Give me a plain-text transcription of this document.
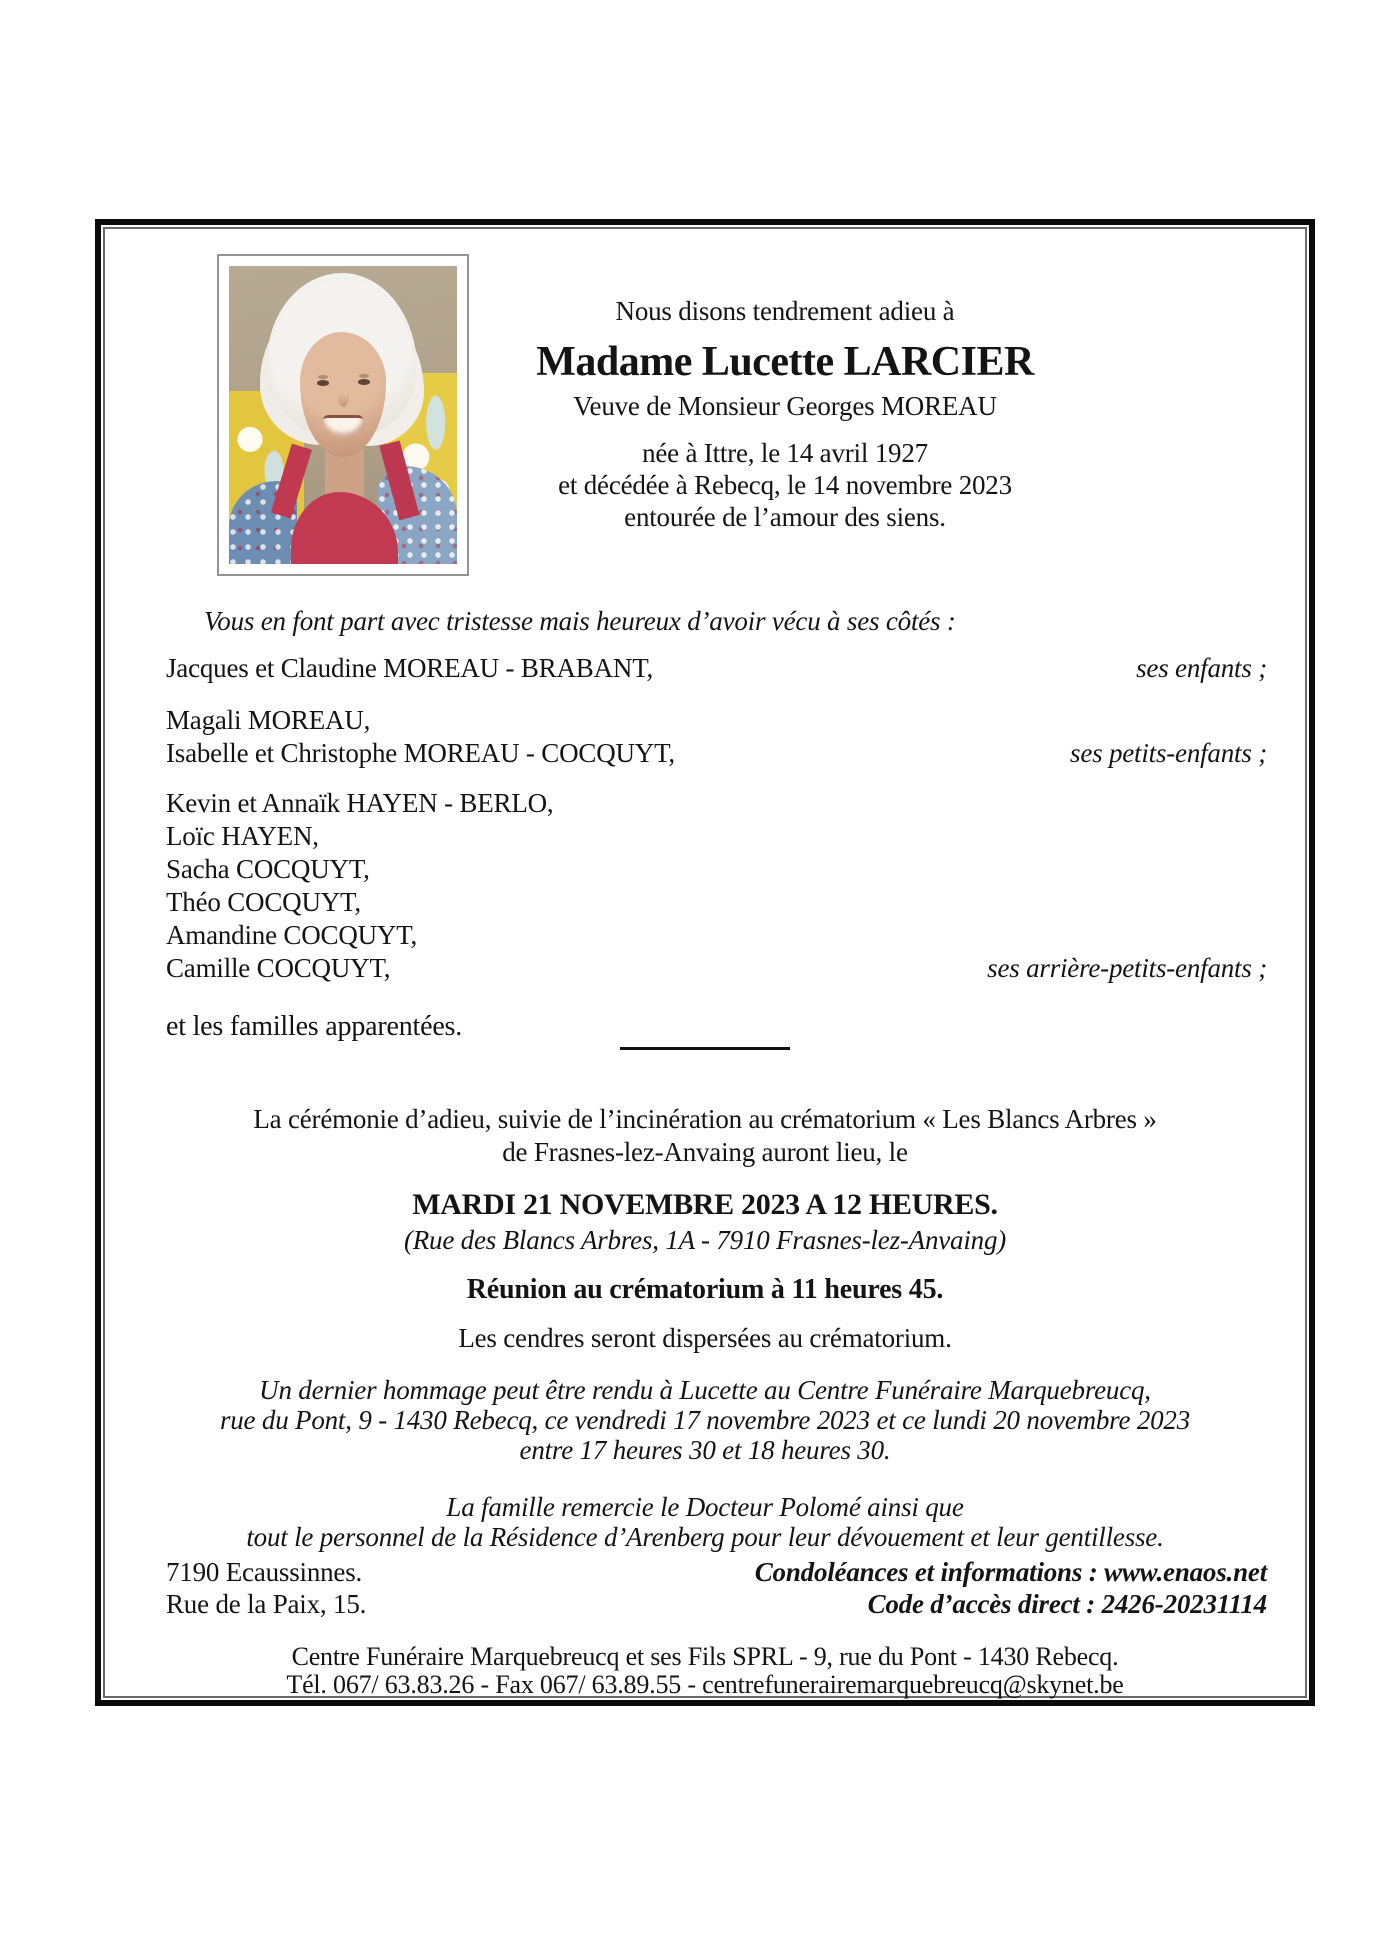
Nous disons tendrement adieu à
Madame Lucette LARCIER
Veuve de Monsieur Georges MOREAU
née à Ittre, le 14 avril 1927
et décédée à Rebecq, le 14 novembre 2023
entourée de l’amour des siens.
Vous en font part avec tristesse mais heureux d’avoir vécu à ses côtés :
Jacques et Claudine MOREAU - BRABANT,	ses enfants ;
Magali MOREAU,
Isabelle et Christophe MOREAU - COCQUYT,	ses petits-enfants ;
Kevin et Annaïk HAYEN - BERLO,
Loïc HAYEN,
Sacha COCQUYT,
Théo COCQUYT,
Amandine COCQUYT,
Camille COCQUYT,	ses arrière-petits-enfants ;
et les familles apparentées.
La cérémonie d’adieu, suivie de l’incinération au crématorium « Les Blancs Arbres »
de Frasnes-lez-Anvaing auront lieu, le
MARDI 21 NOVEMBRE 2023 A 12 HEURES.
(Rue des Blancs Arbres, 1A - 7910 Frasnes-lez-Anvaing)
Réunion au crématorium à 11 heures 45.
Les cendres seront dispersées au crématorium.
Un dernier hommage peut être rendu à Lucette au Centre Funéraire Marquebreucq,
rue du Pont, 9 - 1430 Rebecq, ce vendredi 17 novembre 2023 et ce lundi 20 novembre 2023
entre 17 heures 30 et 18 heures 30.
La famille remercie le Docteur Polomé ainsi que
tout le personnel de la Résidence d’Arenberg pour leur dévouement et leur gentillesse.
7190 Ecaussinnes.
Rue de la Paix, 15.
Condoléances et informations : www.enaos.net
Code d’accès direct : 2426-20231114
Centre Funéraire Marquebreucq et ses Fils SPRL - 9, rue du Pont - 1430 Rebecq.
Tél. 067/ 63.83.26 - Fax 067/ 63.89.55 - centrefunerairemarquebreucq@skynet.be
